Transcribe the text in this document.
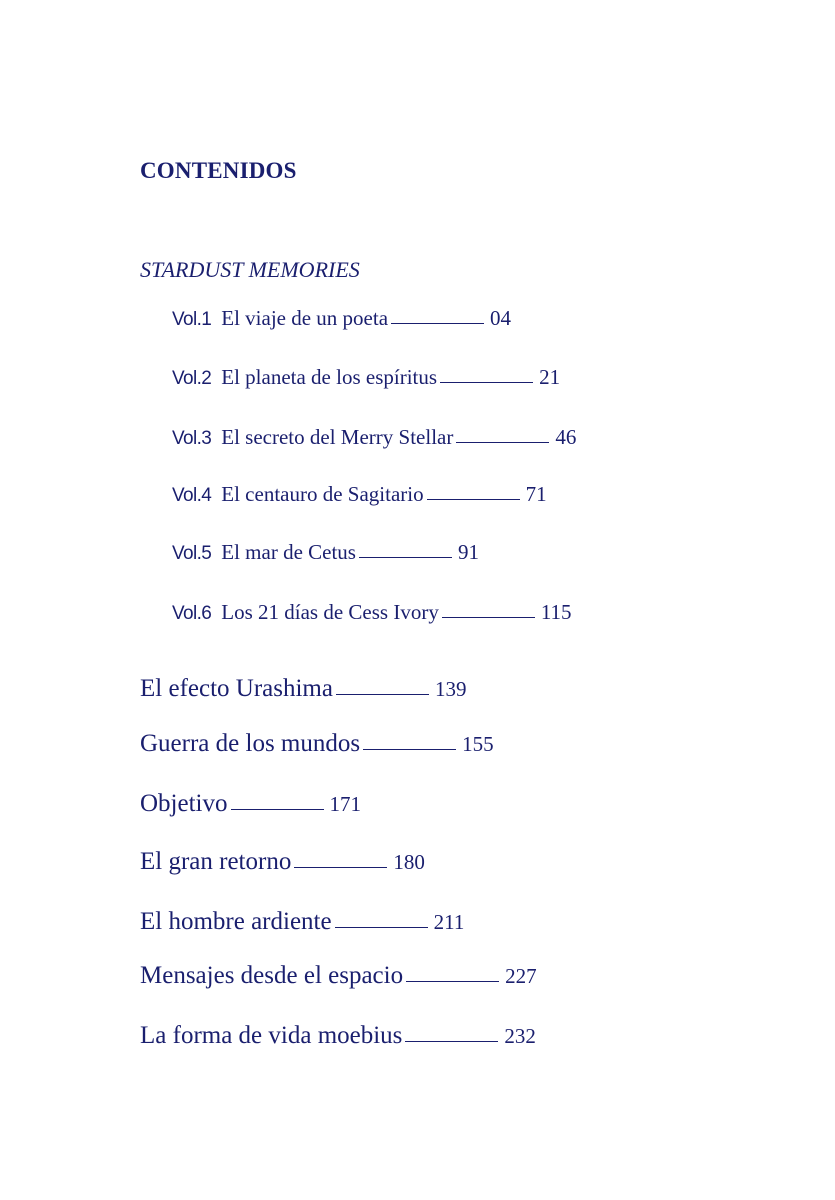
CONTENIDOS
STARDUST MEMORIES
Vol.1 El viaje de un poeta	04
Vol.2 El planeta de los espíritus	21
Vol.3 El secreto del Merry Stellar	46
Vol.4 El centauro de Sagitario	71
Vol.5 El mar de Cetus	91
Vol.6 Los 21 días de Cess Ivory	115
El efecto Urashima	139
Guerra de los mundos	155
Objetivo	171
El gran retorno	180
El hombre ardiente	211
Mensajes desde el espacio	227
La forma de vida moebius	232
